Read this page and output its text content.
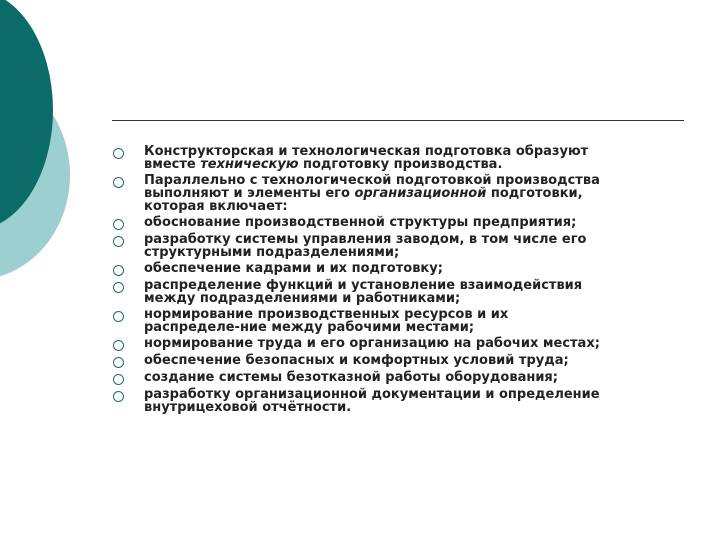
Конструкторская и технологическая подготовка образуют
вместе техническую подготовку производства.
Параллельно с технологической подготовкой производства
выполняют и элементы его организационной подготовки,
которая включает:
обоснование производственной структуры предприятия;
разработку системы управления заводом, в том числе его
структурными подразделениями;
обеспечение кадрами и их подготовку;
распределение функций и установление взаимодействия
между подразделениями и работниками;
нормирование производственных ресурсов и их
распределе-ние между рабочими местами;
нормирование труда и его организацию на рабочих местах;
обеспечение безопасных и комфортных условий труда;
создание системы безотказной работы оборудования;
разработку организационной документации и определение
внутрицеховой отчётности.
